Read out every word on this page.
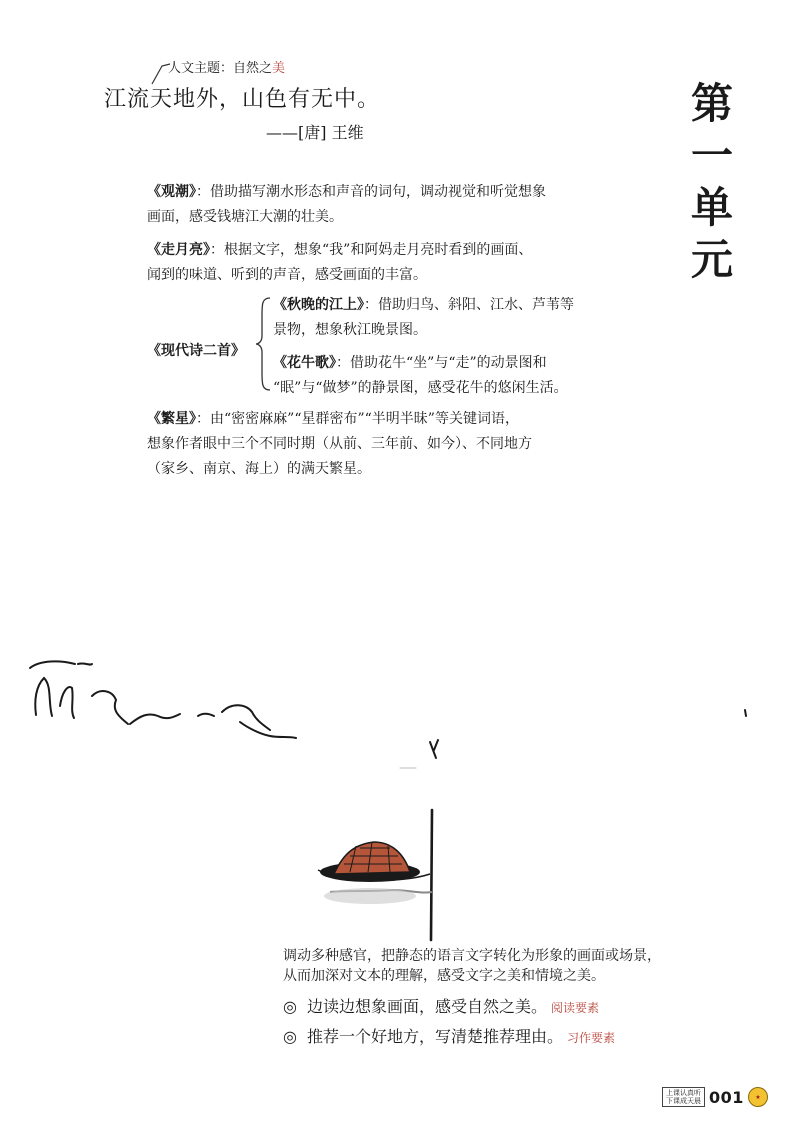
人文主题：自然之美
江流天地外，山色有无中。
——[唐] 王维
第
一
单
元
《观潮》：借助描写潮水形态和声音的词句，调动视觉和听觉想象
画面，感受钱塘江大潮的壮美。
《走月亮》：根据文字，想象“我”和阿妈走月亮时看到的画面、
闻到的味道、听到的声音，感受画面的丰富。
《现代诗二首》
《秋晚的江上》：借助归鸟、斜阳、江水、芦苇等
景物，想象秋江晚景图。
《花牛歌》：借助花牛“坐”与“走”的动景图和
“眠”与“做梦”的静景图，感受花牛的悠闲生活。
《繁星》：由“密密麻麻”“星群密布”“半明半昧”等关键词语，
想象作者眼中三个不同时期（从前、三年前、如今）、不同地方
（家乡、南京、海上）的满天繁星。
调动多种感官，把静态的语言文字转化为形象的画面或场景，
从而加深对文本的理解，感受文字之美和情境之美。
◎ 边读边想象画面，感受自然之美。 阅读要素
◎ 推荐一个好地方，写清楚推荐理由。 习作要素
上课认真听
下课成天晨 001	★
